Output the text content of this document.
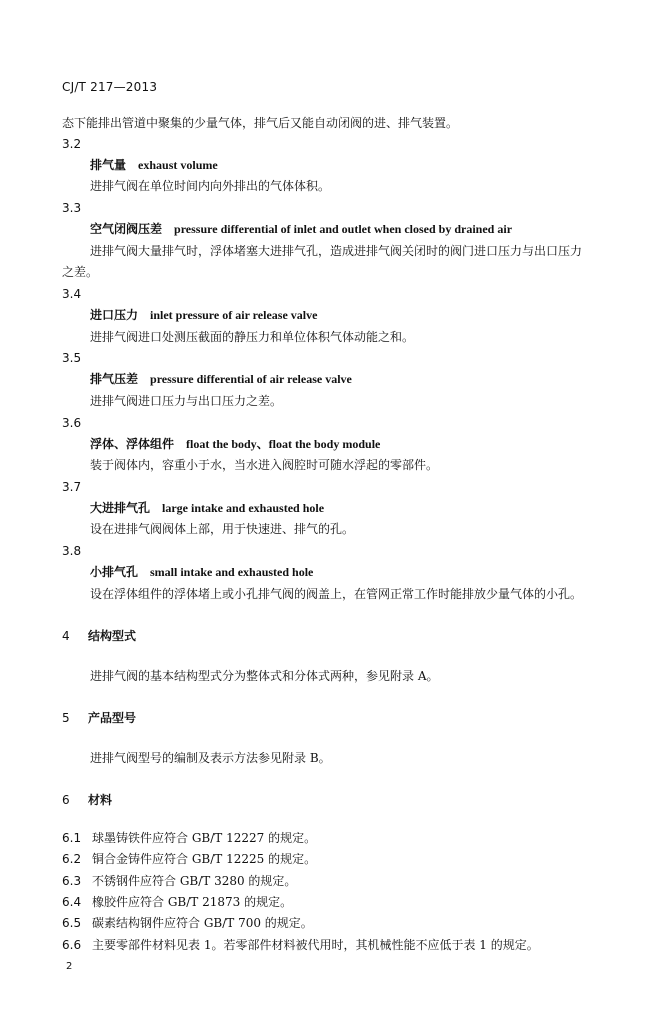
CJ/T 217—2013
态下能排出管道中聚集的少量气体，排气后又能自动闭阀的进、排气装置。
3.2
排气量 exhaust volume
进排气阀在单位时间内向外排出的气体体积。
3.3
空气闭阀压差 pressure differential of inlet and outlet when closed by drained air
进排气阀大量排气时，浮体堵塞大进排气孔，造成进排气阀关闭时的阀门进口压力与出口压力
之差。
3.4
进口压力 inlet pressure of air release valve
进排气阀进口处测压截面的静压力和单位体积气体动能之和。
3.5
排气压差 pressure differential of air release valve
进排气阀进口压力与出口压力之差。
3.6
浮体、浮体组件 float the body、float the body module
装于阀体内，容重小于水，当水进入阀腔时可随水浮起的零部件。
3.7
大进排气孔 large intake and exhausted hole
设在进排气阀阀体上部，用于快速进、排气的孔。
3.8
小排气孔 small intake and exhausted hole
设在浮体组件的浮体堵上或小孔排气阀的阀盖上，在管网正常工作时能排放少量气体的小孔。
4 结构型式
进排气阀的基本结构型式分为整体式和分体式两种，参见附录 A。
5 产品型号
进排气阀型号的编制及表示方法参见附录 B。
6 材料
6.1 球墨铸铁件应符合 GB/T 12227 的规定。
6.2 铜合金铸件应符合 GB/T 12225 的规定。
6.3 不锈钢件应符合 GB/T 3280 的规定。
6.4 橡胶件应符合 GB/T 21873 的规定。
6.5 碳素结构钢件应符合 GB/T 700 的规定。
6.6 主要零部件材料见表 1。若零部件材料被代用时，其机械性能不应低于表 1 的规定。
2
